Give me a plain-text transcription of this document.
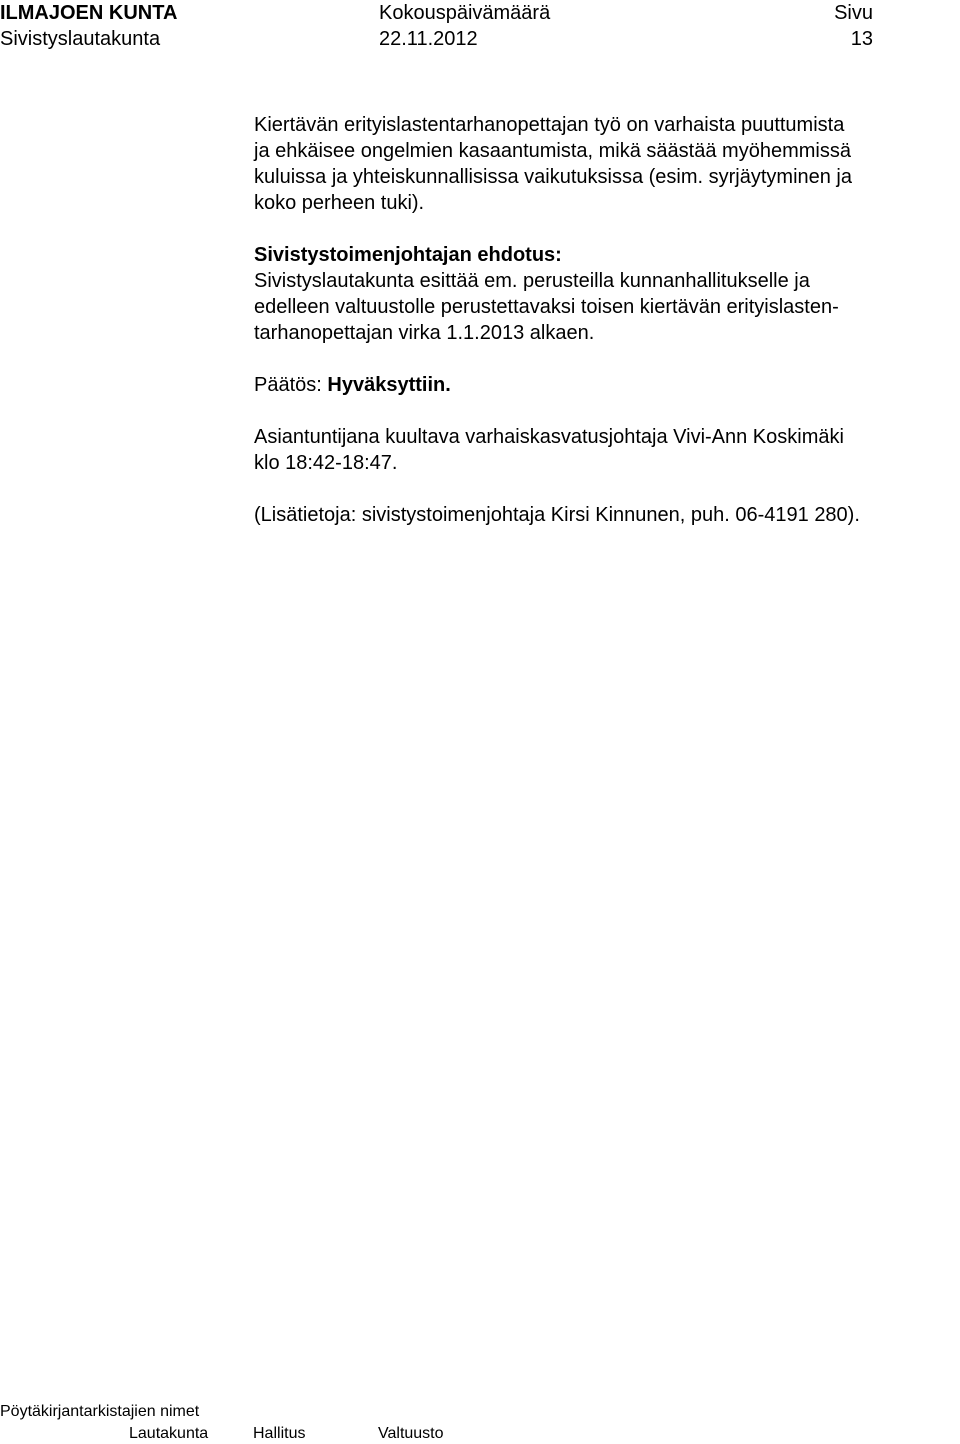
ILMAJOEN KUNTA
Sivistyslautakunta
Kokouspäivämäärä
22.11.2012
Sivu
13

Kiertävän erityislastentarhanopettajan työ on varhaista puuttumista
ja ehkäisee ongelmien kasaantumista, mikä säästää myöhemmissä
kuluissa ja yhteiskunnallisissa vaikutuksissa (esim. syrjäytyminen ja
koko perheen tuki).

Sivistystoimenjohtajan ehdotus:

Sivistyslautakunta esittää em. perusteilla kunnanhallitukselle ja
edelleen valtuustolle perustettavaksi toisen kiertävän erityislasten-
tarhanopettajan virka 1.1.2013 alkaen.

Päätös: Hyväksyttiin.

Asiantuntijana kuultava varhaiskasvatusjohtaja Vivi-Ann Koskimäki
klo 18:42-18:47.

(Lisätietoja: sivistystoimenjohtaja Kirsi Kinnunen, puh. 06-4191 280).

Pöytäkirjantarkistajien nimet
Lautakunta	Hallitus	Valtuusto
